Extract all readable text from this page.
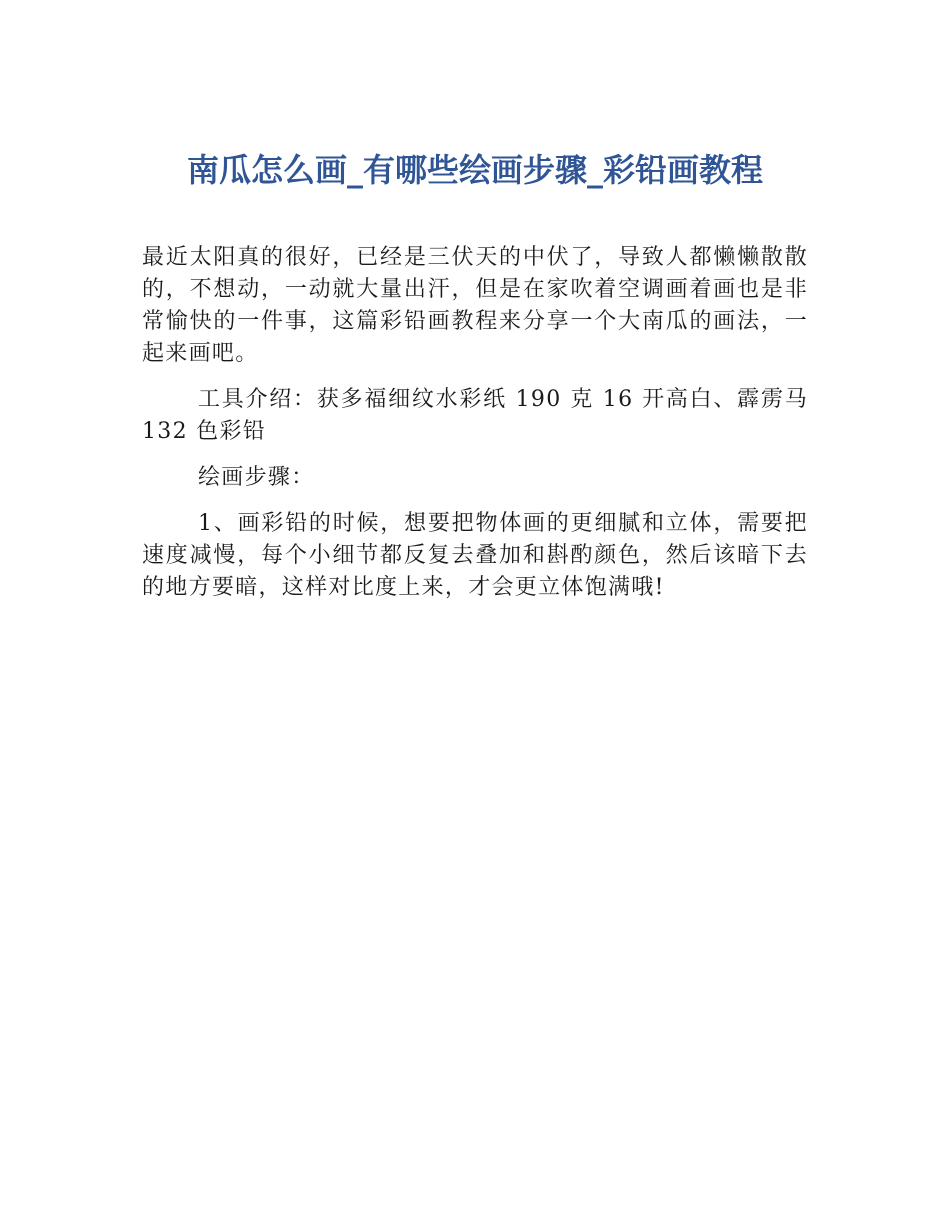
南瓜怎么画_有哪些绘画步骤_彩铅画教程

最近太阳真的很好，已经是三伏天的中伏了，导致人都懒懒散散的，不想动，一动就大量出汗，但是在家吹着空调画着画也是非常愉快的一件事，这篇彩铅画教程来分享一个大南瓜的画法，一起来画吧。

工具介绍：获多福细纹水彩纸 190 克 16 开高白、霹雳马 132 色彩铅

绘画步骤：

1、画彩铅的时候，想要把物体画的更细腻和立体，需要把速度减慢，每个小细节都反复去叠加和斟酌颜色，然后该暗下去的地方要暗，这样对比度上来，才会更立体饱满哦!
